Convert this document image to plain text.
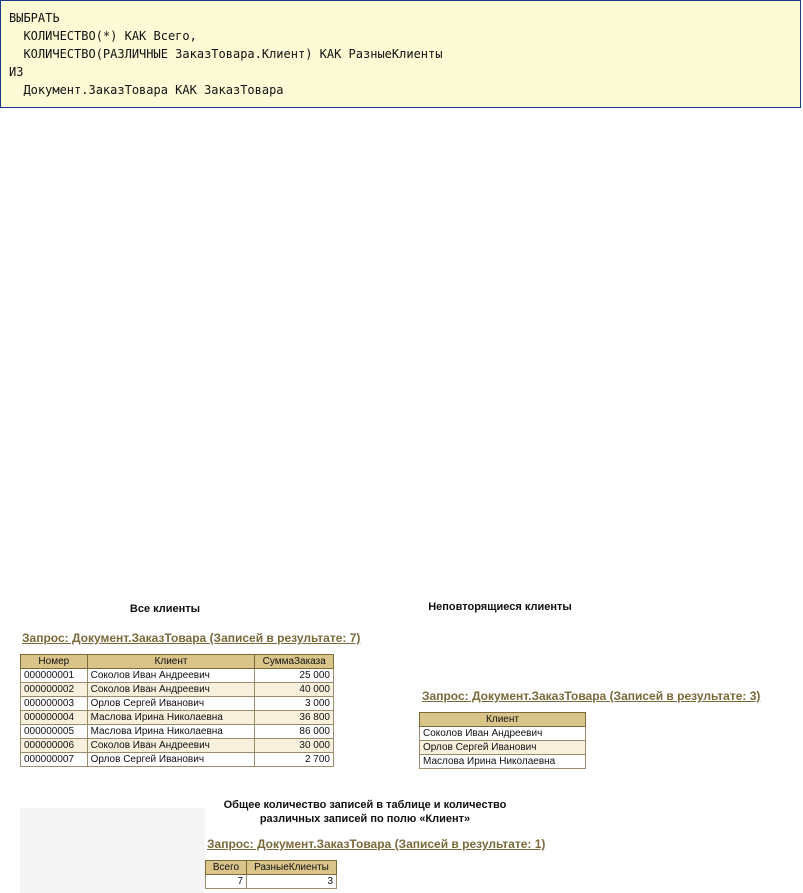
ВЫБРАТЬ
КОЛИЧЕСТВО(*) КАК Всего,
КОЛИЧЕСТВО(РАЗЛИЧНЫЕ ЗаказТовара.Клиент) КАК РазныеКлиенты
ИЗ
Документ.ЗаказТовара КАК ЗаказТовара
Все клиенты
Запрос: Документ.ЗаказТовара (Записей в результате: 7)
Номер	Клиент	СуммаЗаказа
000000001	Соколов Иван Андреевич	25 000
000000002	Соколов Иван Андреевич	40 000
000000003	Орлов Сергей Иванович	3 000
000000004	Маслова Ирина Николаевна	36 800
000000005	Маслова Ирина Николаевна	86 000
000000006	Соколов Иван Андреевич	30 000
000000007	Орлов Сергей Иванович	2 700
Неповторящиеся клиенты
Запрос: Документ.ЗаказТовара (Записей в результате: 3)
Клиент
Соколов Иван Андреевич
Орлов Сергей Иванович
Маслова Ирина Николаевна
Общее количество записей в таблице и количество
различных записей по полю «Клиент»
Запрос: Документ.ЗаказТовара (Записей в результате: 1)
Всего	РазныеКлиенты
7	3
